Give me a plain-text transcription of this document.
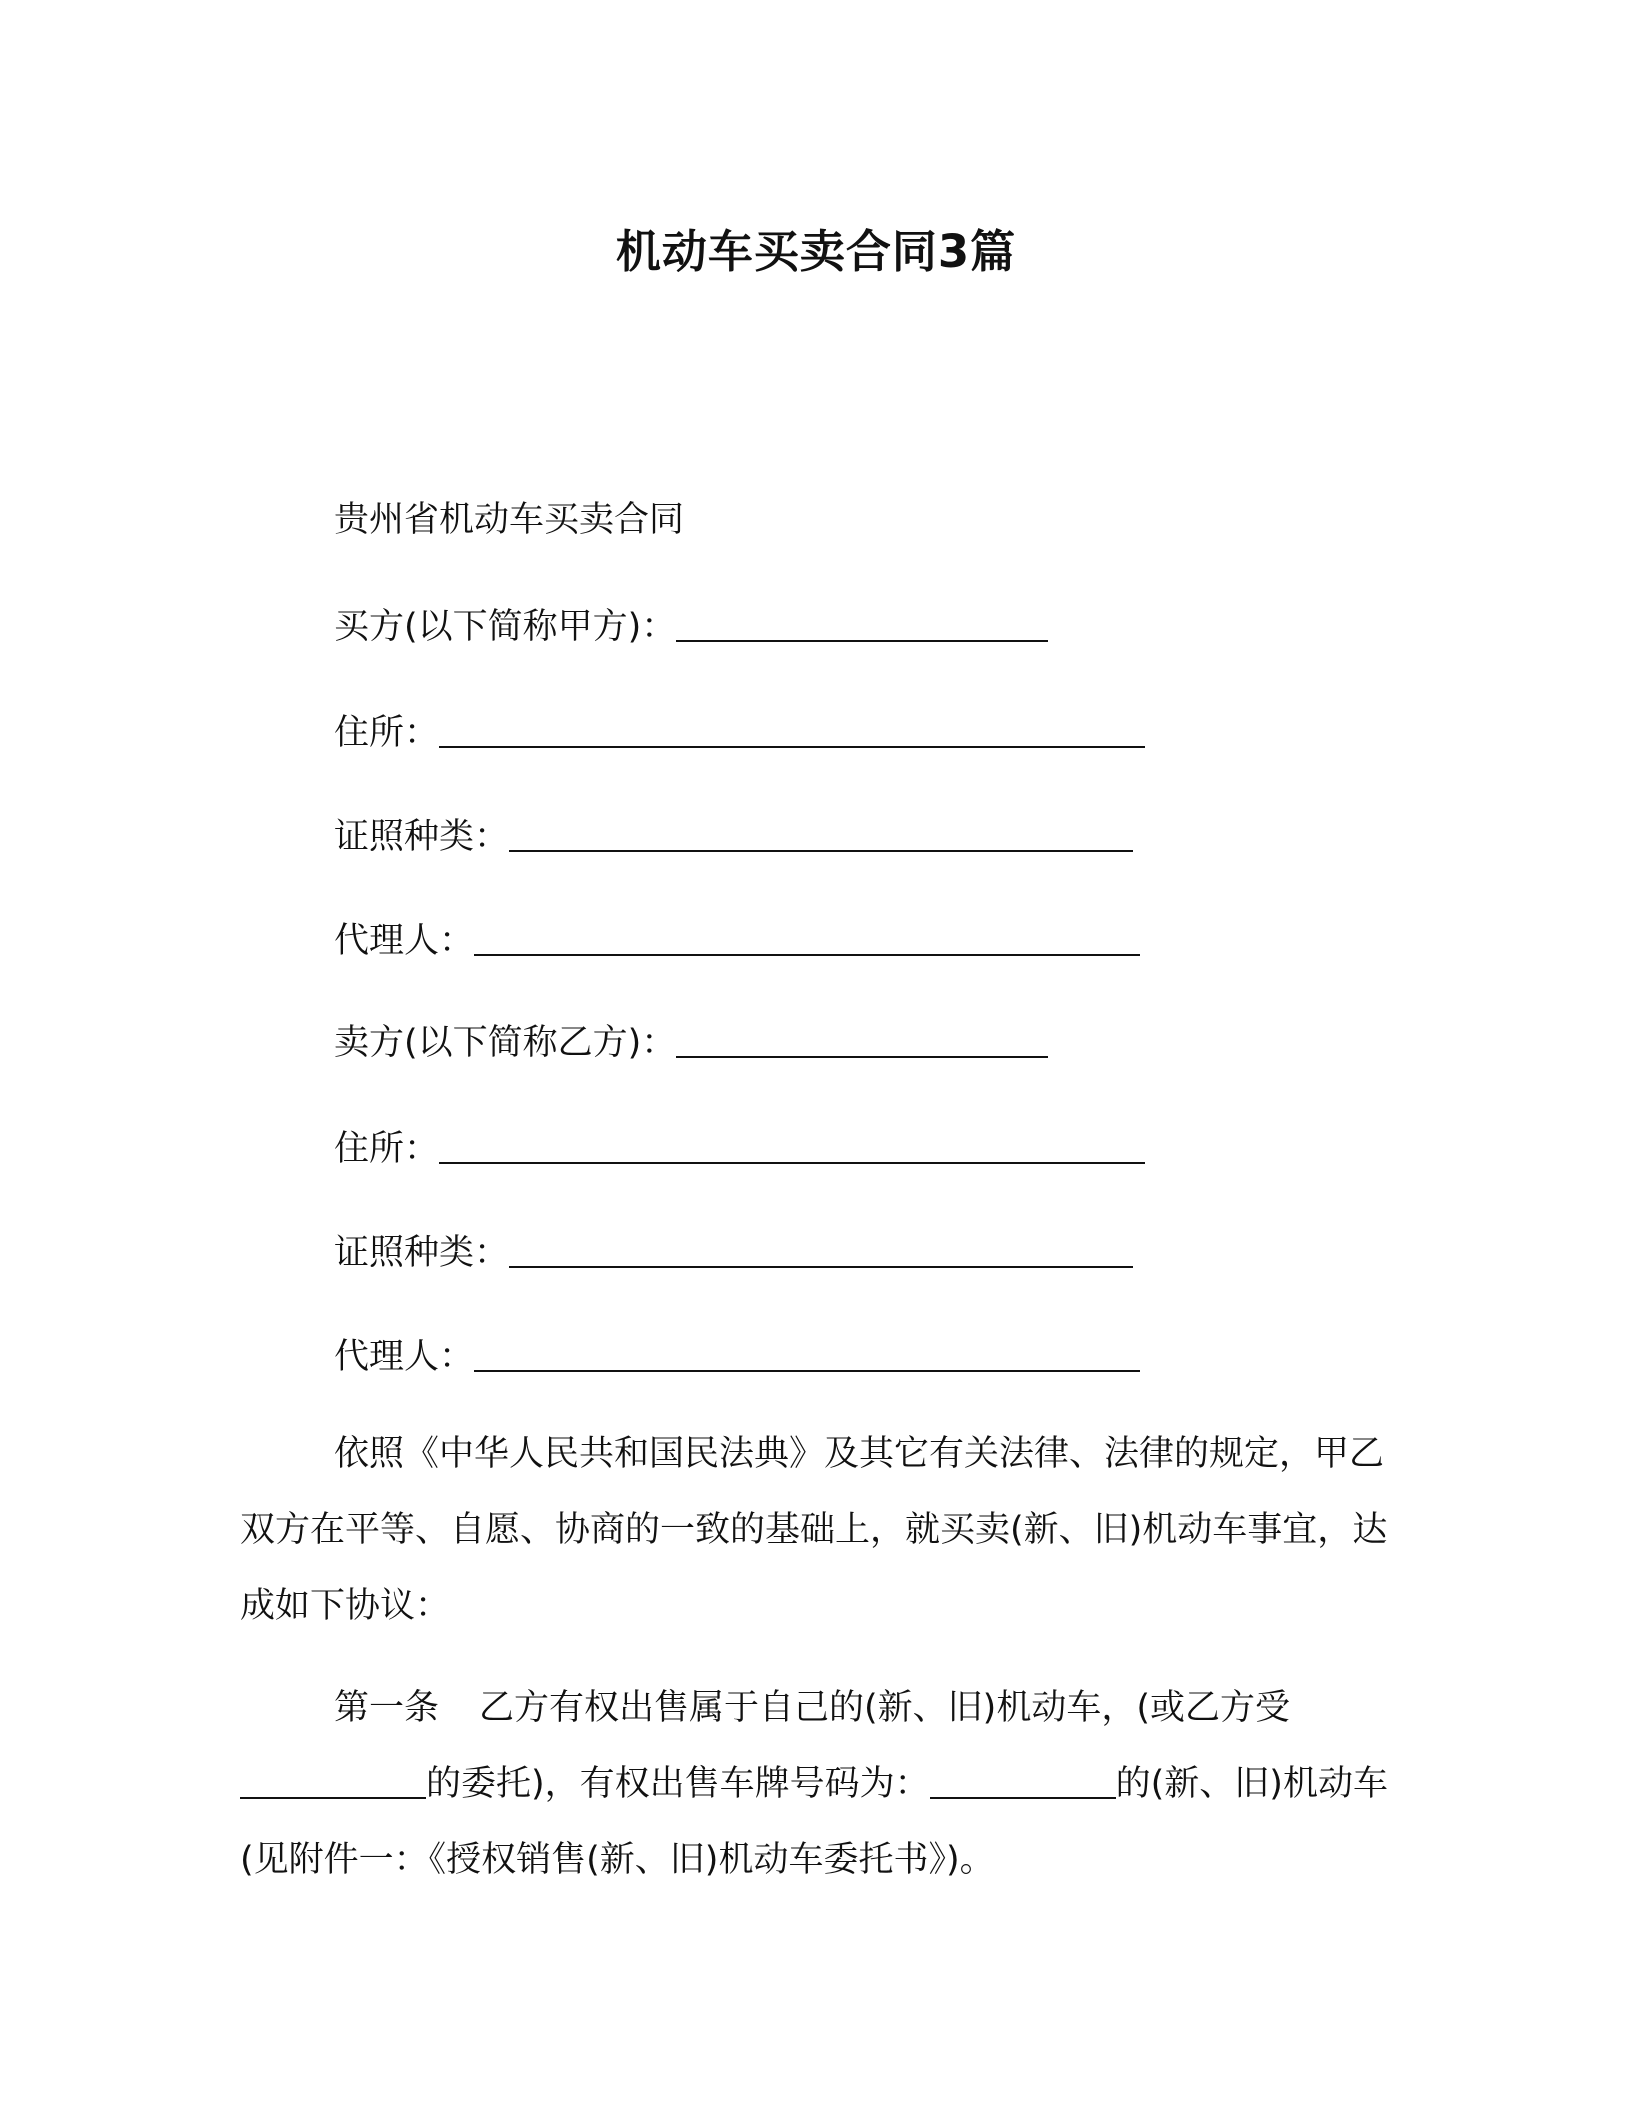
机动车买卖合同3篇
贵州省机动车买卖合同
买方(以下简称甲方)：
住所：
证照种类：
代理人：
卖方(以下简称乙方)：
住所：
证照种类：
代理人：
依照《中华人民共和国民法典》及其它有关法律、法律的规定，甲乙双方在平等、自愿、协商的一致的基础上，就买卖(新、旧)机动车事宜，达成如下协议：
第一条 乙方有权出售属于自己的(新、旧)机动车，(或乙方受
的委托)，有权出售车牌号码为：	的(新、旧)机动车(见附件一：《授权销售(新、旧)机动车委托书》)。
